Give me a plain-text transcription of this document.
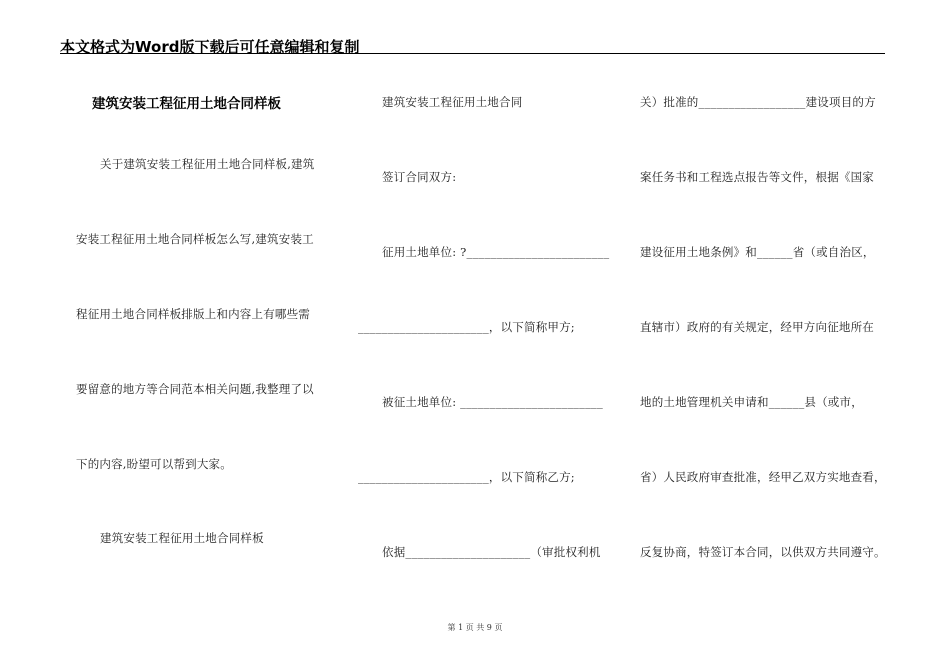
本文格式为Word版下载后可任意编辑和复制
建筑安装工程征用土地合同样板
关于建筑安装工程征用土地合同样板,建筑
安装工程征用土地合同样板怎么写,建筑安装工
程征用土地合同样板排版上和内容上有哪些需
要留意的地方等合同范本相关问题,我整理了以
下的内容,盼望可以帮到大家。
建筑安装工程征用土地合同样板
建筑安装工程征用土地合同
签订合同双方:
征用土地单位: ?________________________
______________________，以下简称甲方;
被征土地单位: ________________________
______________________，以下简称乙方;
依据_____________________（审批权利机
关）批准的__________________建设项目的方
案任务书和工程选点报告等文件，根据《国家
建设征用土地条例》和______省（或自治区，
直辖市）政府的有关规定，经甲方向征地所在
地的土地管理机关申请和______县（或市，
省）人民政府审查批准，经甲乙双方实地查看，
反复协商，特签订本合同，以供双方共同遵守。
第 1 页 共 9 页
